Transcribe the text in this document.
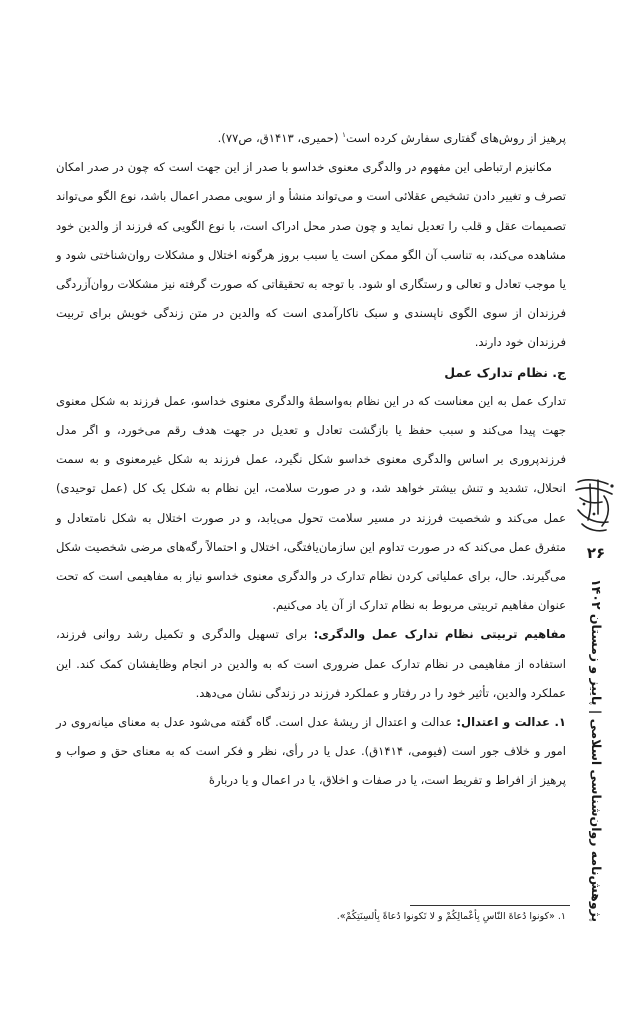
پرهیز از روش‌های گفتاری سفارش کرده است$^۱$ (حمیری، ۱۴۱۳ق، ص۷۷).

مکانیزم ارتباطی این مفهوم در والدگری معنوی خداسو با صدر از این جهت است که چون در صدر امکان تصرف و تغییر دادن تشخیص عقلائی است و می‌تواند منشأ و از سویی مصدر اعمال باشد، نوع الگو می‌تواند تصمیمات عقل و قلب را تعدیل نماید و چون صدر محل ادراک است، با نوع الگویی که فرزند از والدین خود مشاهده می‌کند، به تناسب آن الگو ممکن است یا سبب بروز هرگونه اختلال و مشکلات روان‌شناختی شود و یا موجب تعادل و تعالی و رستگاری او شود. با توجه به تحقیقاتی که صورت گرفته نیز مشکلات روان‌آزردگی فرزندان از سوی الگوی ناپسندی و سبک ناکارآمدی است که والدین در متن زندگی خویش برای تربیت فرزندان خود دارند.

ج. نظام تدارک عمل

تدارک عمل به این معناست که در این نظام به‌واسطهٔ والدگری معنوی خداسو، عمل فرزند به شکل معنوی جهت پیدا می‌کند و سبب حفظ یا بازگشت تعادل و تعدیل در جهت هدف رقم می‌خورد، و اگر مدل فرزندپروری بر اساس والدگری معنوی خداسو شکل نگیرد، عمل فرزند به شکل غیرمعنوی و به سمت انحلال، تشدید و تنش بیشتر خواهد شد، و در صورت سلامت، این نظام به شکل یک کل (عمل توحیدی) عمل می‌کند و شخصیت فرزند در مسیر سلامت تحول می‌یابد، و در صورت اختلال به شکل نامتعادل و متفرق عمل می‌کند که در صورت تداوم این سازمان‌یافتگی، اختلال و احتمالاً رگه‌های مرضی شخصیت شکل می‌گیرند. حال، برای عملیاتی کردن نظام تدارک در والدگری معنوی خداسو نیاز به مفاهیمی است که تحت عنوان مفاهیم تربیتی مربوط به نظام تدارک از آن یاد می‌کنیم.

مفاهیم تربیتی نظام تدارک عمل والدگری: برای تسهیل والدگری و تکمیل رشد روانی فرزند، استفاده از مفاهیمی در نظام تدارک عمل ضروری است که به والدین در انجام وظایفشان کمک کند. این عملکرد والدین، تأثیر خود را در رفتار و عملکرد فرزند در زندگی نشان می‌دهد.

۱. عدالت و اعتدال: عدالت و اعتدال از ریشهٔ عدل است. گاه گفته می‌شود عدل به معنای میانه‌روی در امور و خلاف جور است (فیومی، ۱۴۱۴ق). عدل یا در رأی، نظر و فکر است که به معنای حق و صواب و پرهیز از افراط و تفریط است، یا در صفات و اخلاق، یا در اعمال و یا دربارهٔ

۱. «کونوا دُعاةَ النّاسِ بِأعْمالِکُمْ و لا تَکونوا دُعاةً بِألسِنَتِکُمْ».
۲۶
پژوهش‌نامه روان‌شناسی اسلامی | پاییز و زمستان ۱۴۰۲
